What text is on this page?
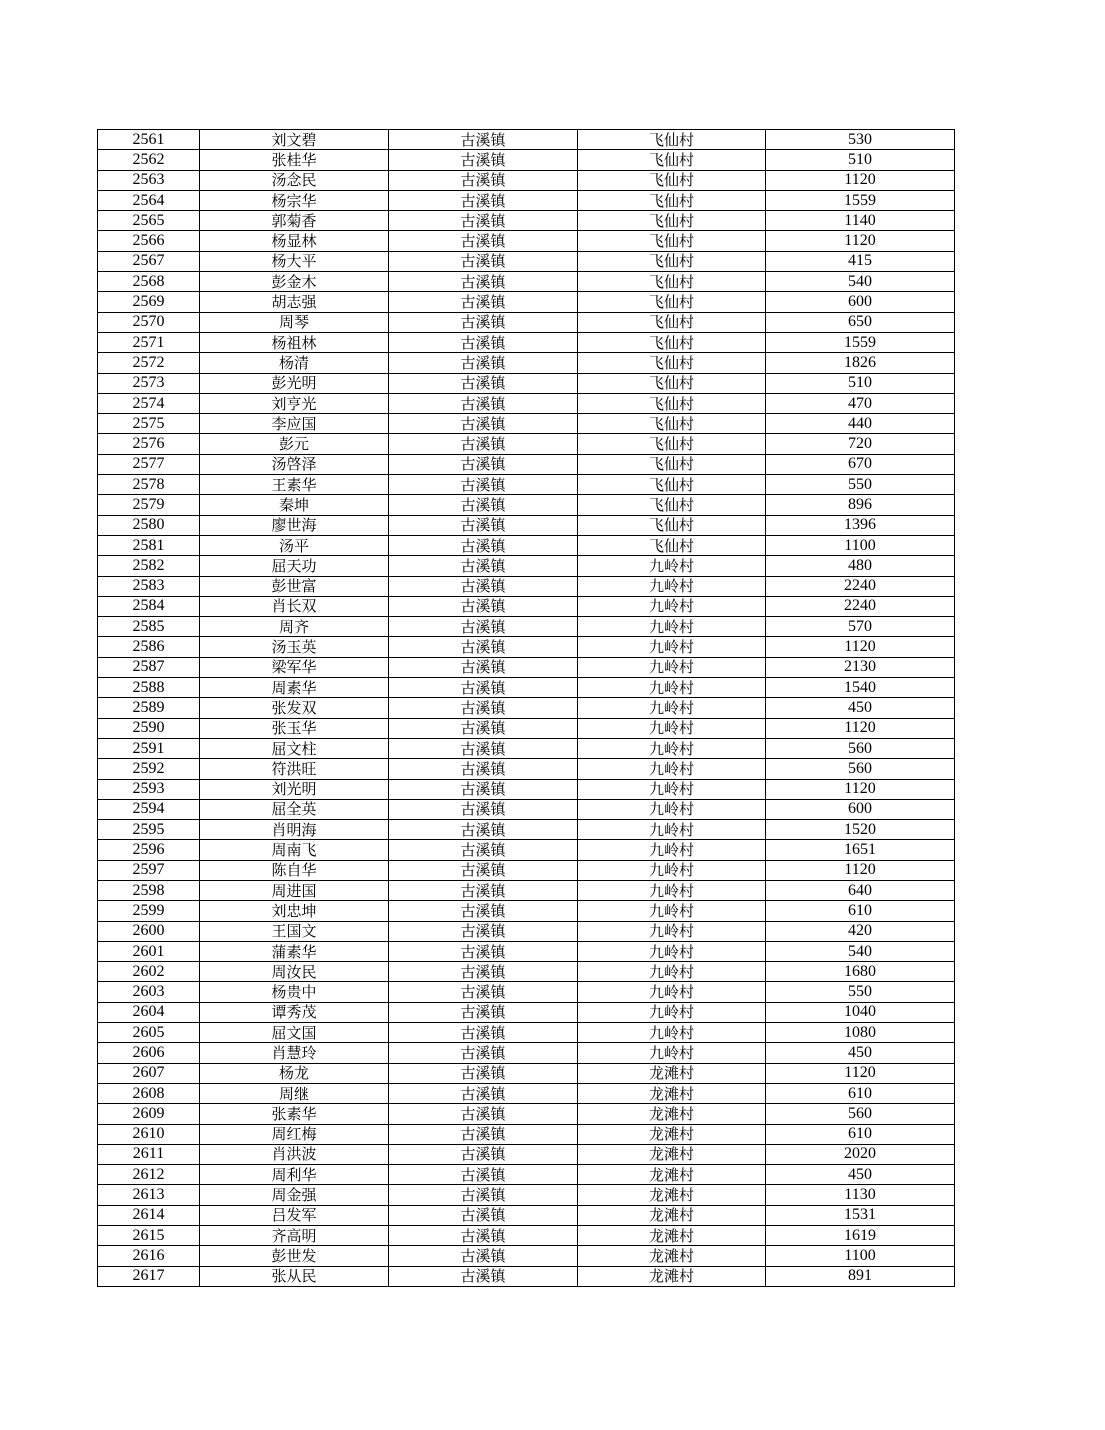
2561	刘文碧	古溪镇	飞仙村	530
2562	张桂华	古溪镇	飞仙村	510
2563	汤念民	古溪镇	飞仙村	1120
2564	杨宗华	古溪镇	飞仙村	1559
2565	郭菊香	古溪镇	飞仙村	1140
2566	杨显林	古溪镇	飞仙村	1120
2567	杨大平	古溪镇	飞仙村	415
2568	彭金木	古溪镇	飞仙村	540
2569	胡志强	古溪镇	飞仙村	600
2570	周琴	古溪镇	飞仙村	650
2571	杨祖林	古溪镇	飞仙村	1559
2572	杨清	古溪镇	飞仙村	1826
2573	彭光明	古溪镇	飞仙村	510
2574	刘亨光	古溪镇	飞仙村	470
2575	李应国	古溪镇	飞仙村	440
2576	彭元	古溪镇	飞仙村	720
2577	汤啓泽	古溪镇	飞仙村	670
2578	王素华	古溪镇	飞仙村	550
2579	秦坤	古溪镇	飞仙村	896
2580	廖世海	古溪镇	飞仙村	1396
2581	汤平	古溪镇	飞仙村	1100
2582	屈天功	古溪镇	九岭村	480
2583	彭世富	古溪镇	九岭村	2240
2584	肖长双	古溪镇	九岭村	2240
2585	周齐	古溪镇	九岭村	570
2586	汤玉英	古溪镇	九岭村	1120
2587	梁军华	古溪镇	九岭村	2130
2588	周素华	古溪镇	九岭村	1540
2589	张发双	古溪镇	九岭村	450
2590	张玉华	古溪镇	九岭村	1120
2591	屈文柱	古溪镇	九岭村	560
2592	符洪旺	古溪镇	九岭村	560
2593	刘光明	古溪镇	九岭村	1120
2594	屈全英	古溪镇	九岭村	600
2595	肖明海	古溪镇	九岭村	1520
2596	周南飞	古溪镇	九岭村	1651
2597	陈自华	古溪镇	九岭村	1120
2598	周进国	古溪镇	九岭村	640
2599	刘忠坤	古溪镇	九岭村	610
2600	王国文	古溪镇	九岭村	420
2601	蒲素华	古溪镇	九岭村	540
2602	周汝民	古溪镇	九岭村	1680
2603	杨贵中	古溪镇	九岭村	550
2604	谭秀茂	古溪镇	九岭村	1040
2605	屈文国	古溪镇	九岭村	1080
2606	肖慧玲	古溪镇	九岭村	450
2607	杨龙	古溪镇	龙滩村	1120
2608	周继	古溪镇	龙滩村	610
2609	张素华	古溪镇	龙滩村	560
2610	周红梅	古溪镇	龙滩村	610
2611	肖洪波	古溪镇	龙滩村	2020
2612	周利华	古溪镇	龙滩村	450
2613	周金强	古溪镇	龙滩村	1130
2614	吕发军	古溪镇	龙滩村	1531
2615	齐高明	古溪镇	龙滩村	1619
2616	彭世发	古溪镇	龙滩村	1100
2617	张从民	古溪镇	龙滩村	891
